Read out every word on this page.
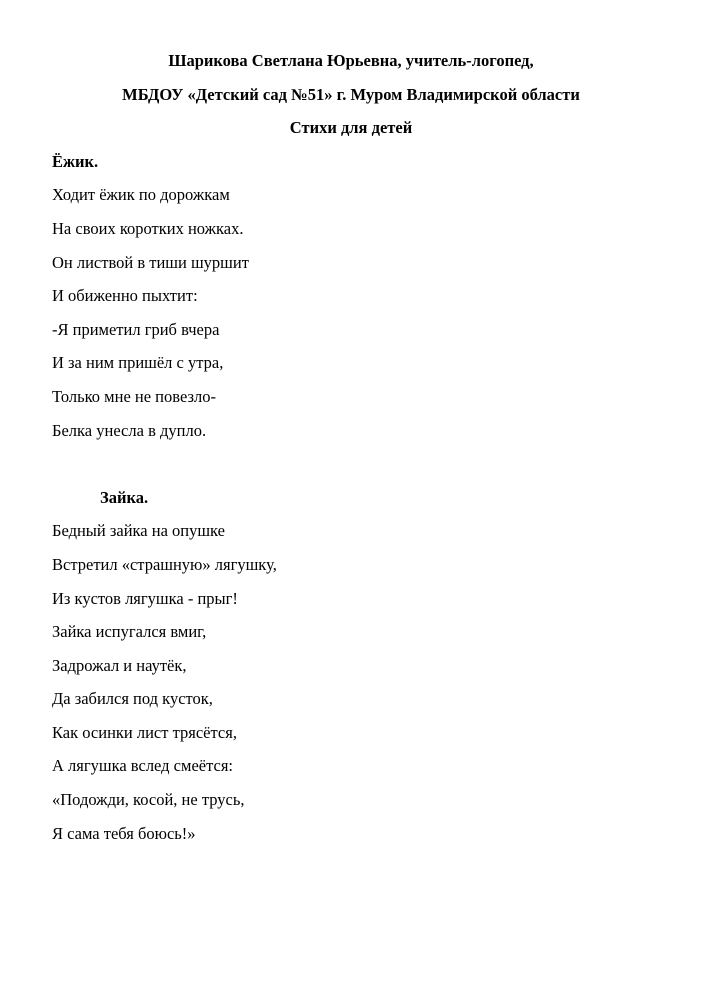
Шарикова Светлана Юрьевна, учитель-логопед,

МБДОУ «Детский сад №51» г. Муром Владимирской области

Стихи для детей

Ёжик.

Ходит ёжик по дорожкам

На своих коротких ножках.

Он листвой в тиши шуршит

И обиженно пыхтит:

-Я приметил гриб вчера

И за ним пришёл с утра,

Только мне не повезло-

Белка унесла в дупло.

Зайка.

Бедный зайка на опушке

Встретил «страшную» лягушку,

Из кустов лягушка - прыг!

Зайка испугался вмиг,

Задрожал и наутёк,

Да забился под кусток,

Как осинки лист трясётся,

А лягушка вслед смеётся:

«Подожди, косой, не трусь,

Я сама тебя боюсь!»
